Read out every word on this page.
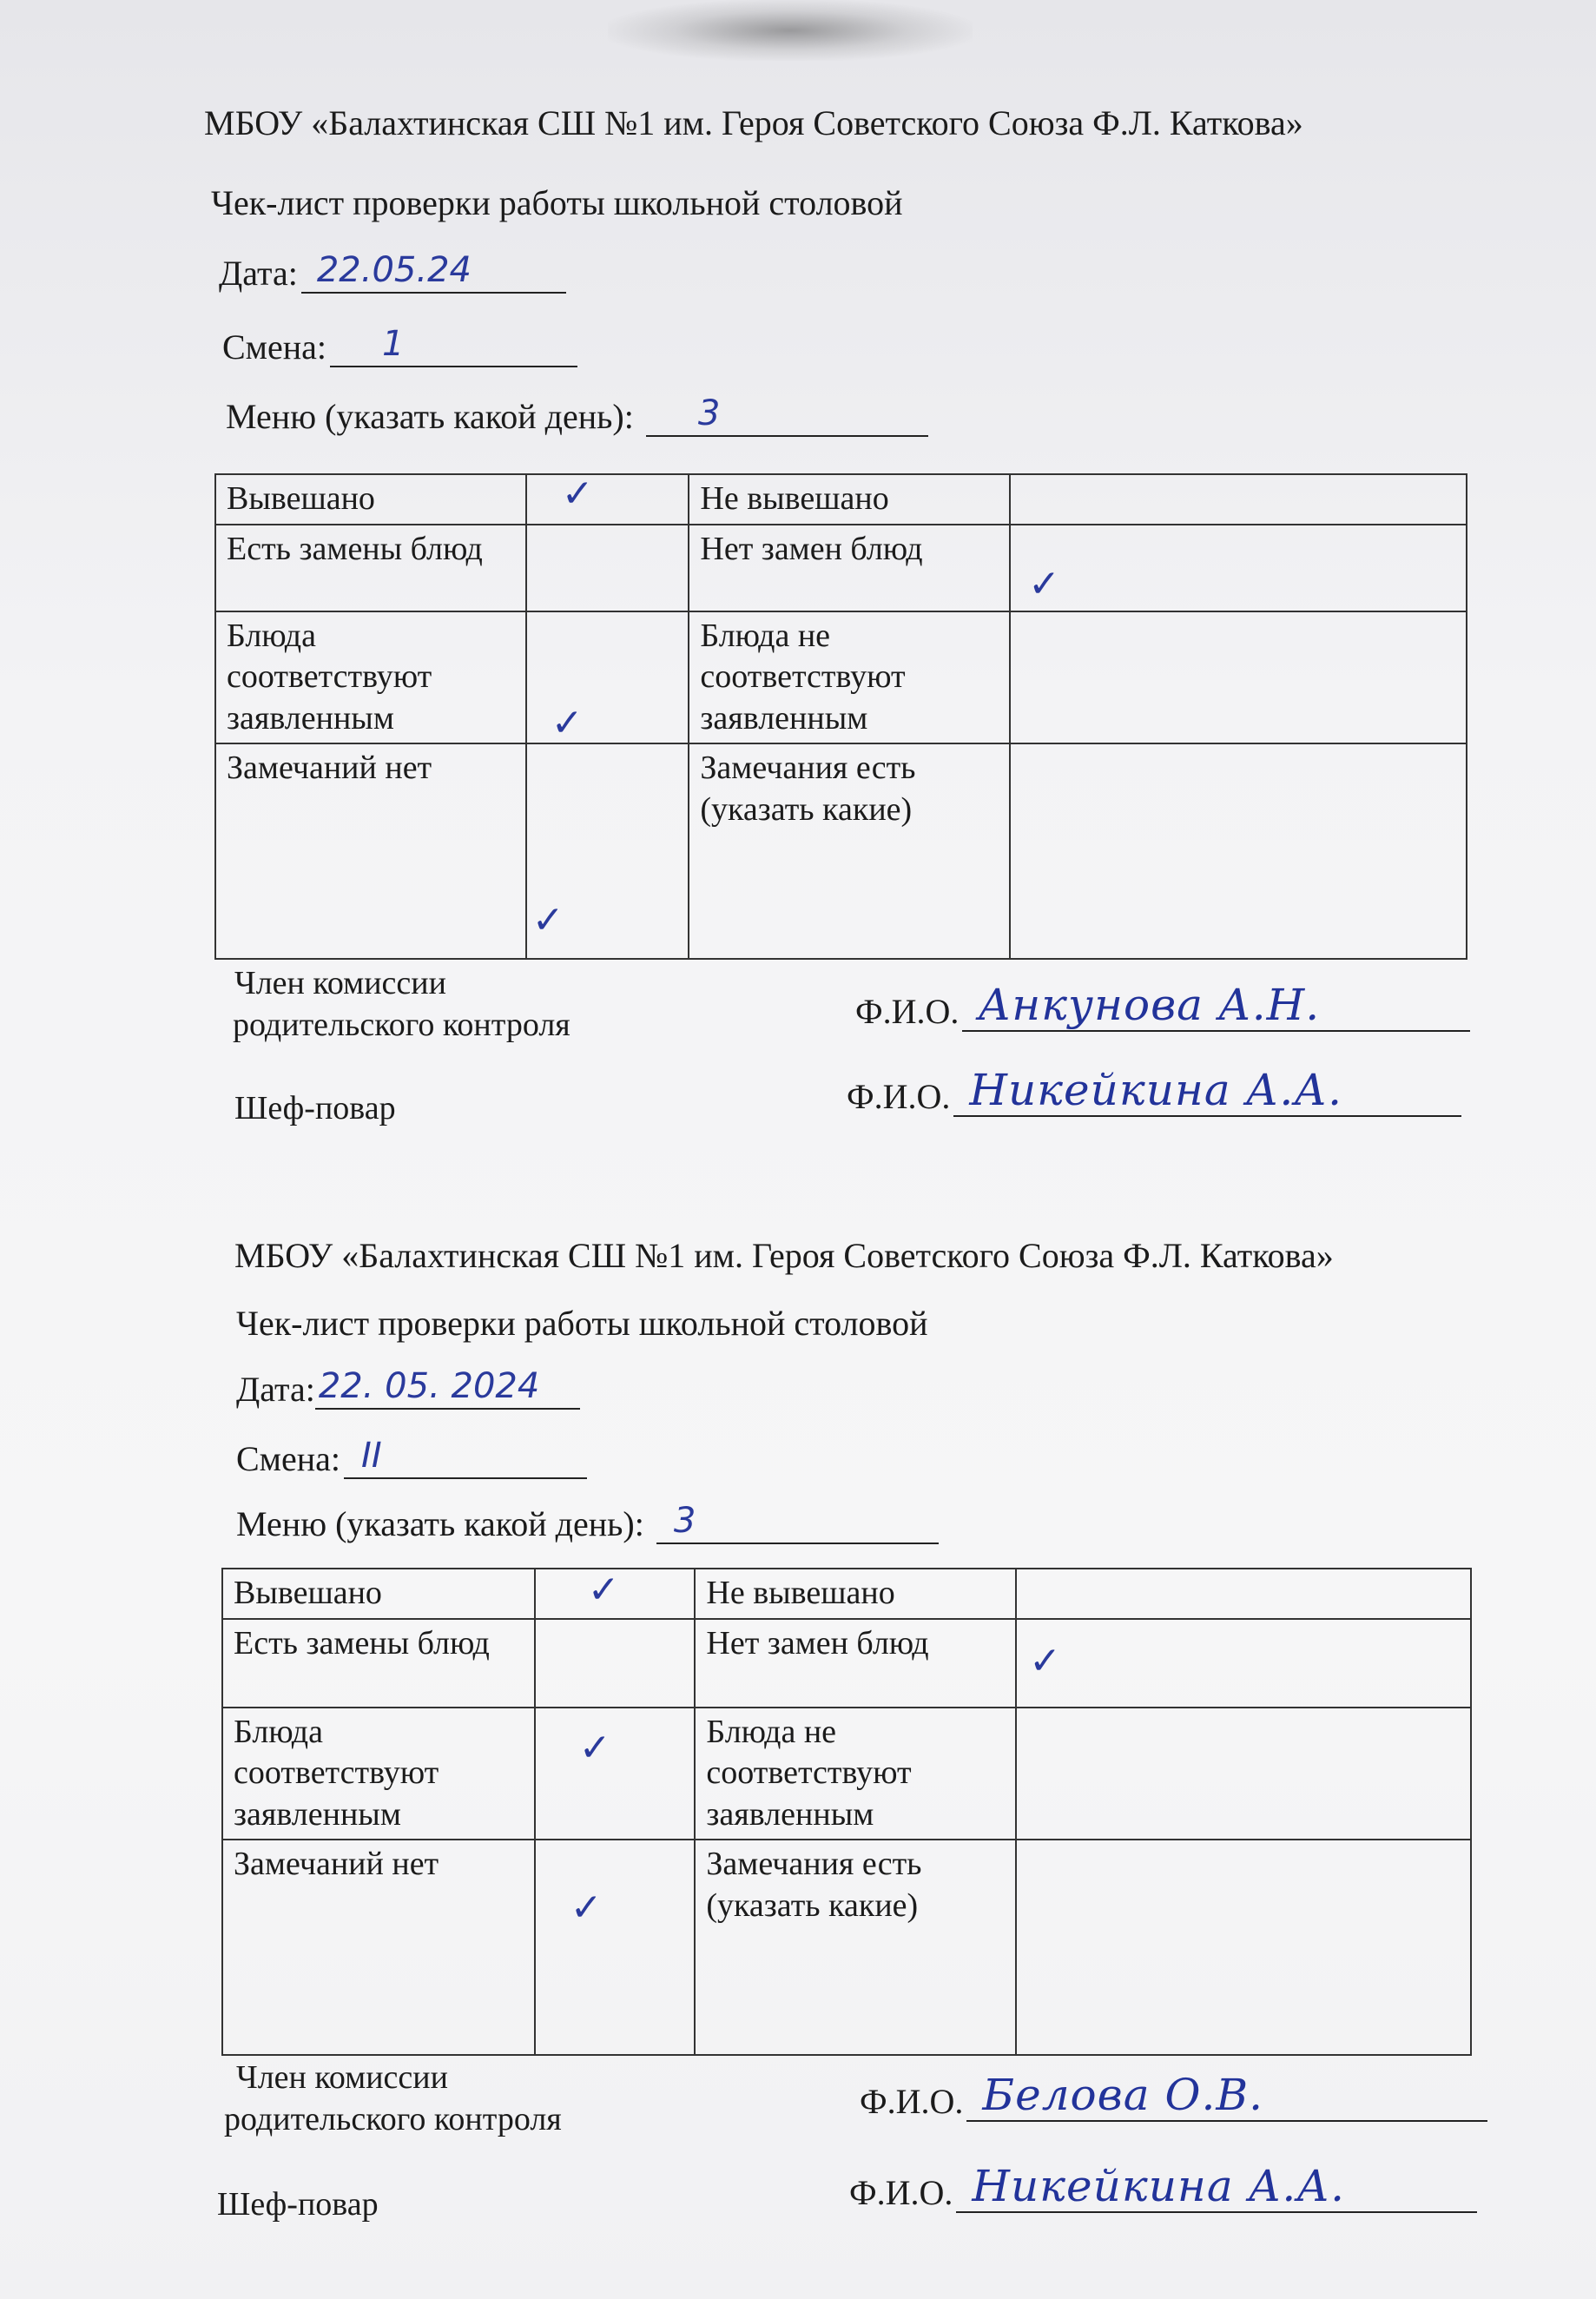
МБОУ «Балахтинская СШ №1 им. Героя Советского Союза Ф.Л. Каткова»
Чек-лист проверки работы школьной столовой
Дата: 22.05.24
Смена: 1
Меню (указать какой день): 3
Вывешано	✓	Не вывешано	

Есть замены блюд		Нет замен блюд	✓

Блюда соответствуют заявленным	✓	Блюда не соответствуют заявленным	

Замечаний нет	✓	Замечания есть (указать какие)	
Член комиссии
родительского контроля	Ф.И.О. Анкунова А.Н.
Шеф-повар	Ф.И.О. Никейкина А.А.
МБОУ «Балахтинская СШ №1 им. Героя Советского Союза Ф.Л. Каткова»
Чек-лист проверки работы школьной столовой
Дата: 22. 05. 2024
Смена: II
Меню (указать какой день): 3
Вывешано	✓	Не вывешано	

Есть замены блюд		Нет замен блюд	✓

Блюда соответствуют заявленным	✓	Блюда не соответствуют заявленным	

Замечаний нет	✓	Замечания есть (указать какие)	
Член комиссии
родительского контроля	Ф.И.О. Белова О.В.
Шеф-повар	Ф.И.О. Никейкина А.А.
